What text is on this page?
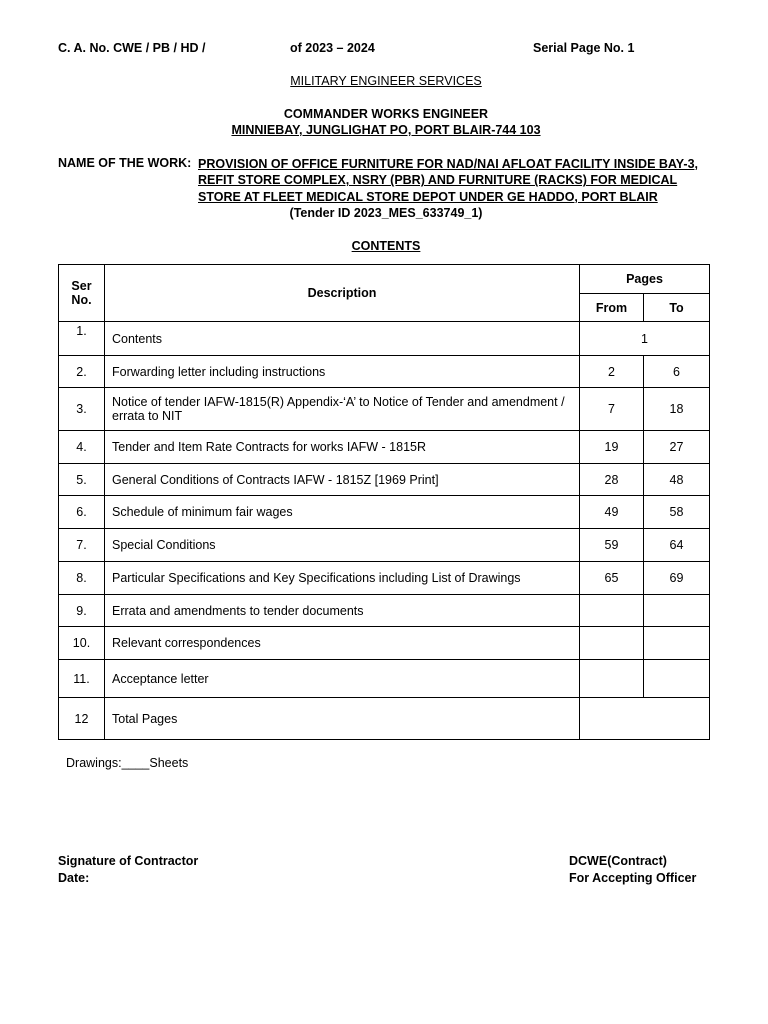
C. A. No. CWE / PB / HD /	of 2023 – 2024	Serial Page No. 1
MILITARY ENGINEER SERVICES
COMMANDER WORKS ENGINEER
MINNIEBAY, JUNGLIGHAT PO, PORT BLAIR-744 103
NAME OF THE WORK: PROVISION OF OFFICE FURNITURE FOR NAD/NAI AFLOAT FACILITY INSIDE BAY-3, REFIT STORE COMPLEX, NSRY (PBR) AND FURNITURE (RACKS) FOR MEDICAL STORE AT FLEET MEDICAL STORE DEPOT UNDER GE HADDO, PORT BLAIR
(Tender ID 2023_MES_633749_1)
CONTENTS
Ser No.	Description	Pages	
		From	To
1.	Contents	1	
2.	Forwarding letter including instructions	2	6
3.	Notice of tender IAFW-1815(R) Appendix-‘A’ to Notice of Tender and amendment / errata to NIT	7	18
4.	Tender and Item Rate Contracts for works IAFW - 1815R	19	27
5.	General Conditions of Contracts IAFW - 1815Z [1969 Print]	28	48
6.	Schedule of minimum fair wages	49	58
7.	Special Conditions	59	64
8.	Particular Specifications and Key Specifications including List of Drawings	65	69
9.	Errata and amendments to tender documents		
10.	Relevant correspondences		
11.	Acceptance letter		
12	Total Pages		
Drawings:____Sheets
Signature of Contractor
Date:
DCWE(Contract)
For Accepting Officer
